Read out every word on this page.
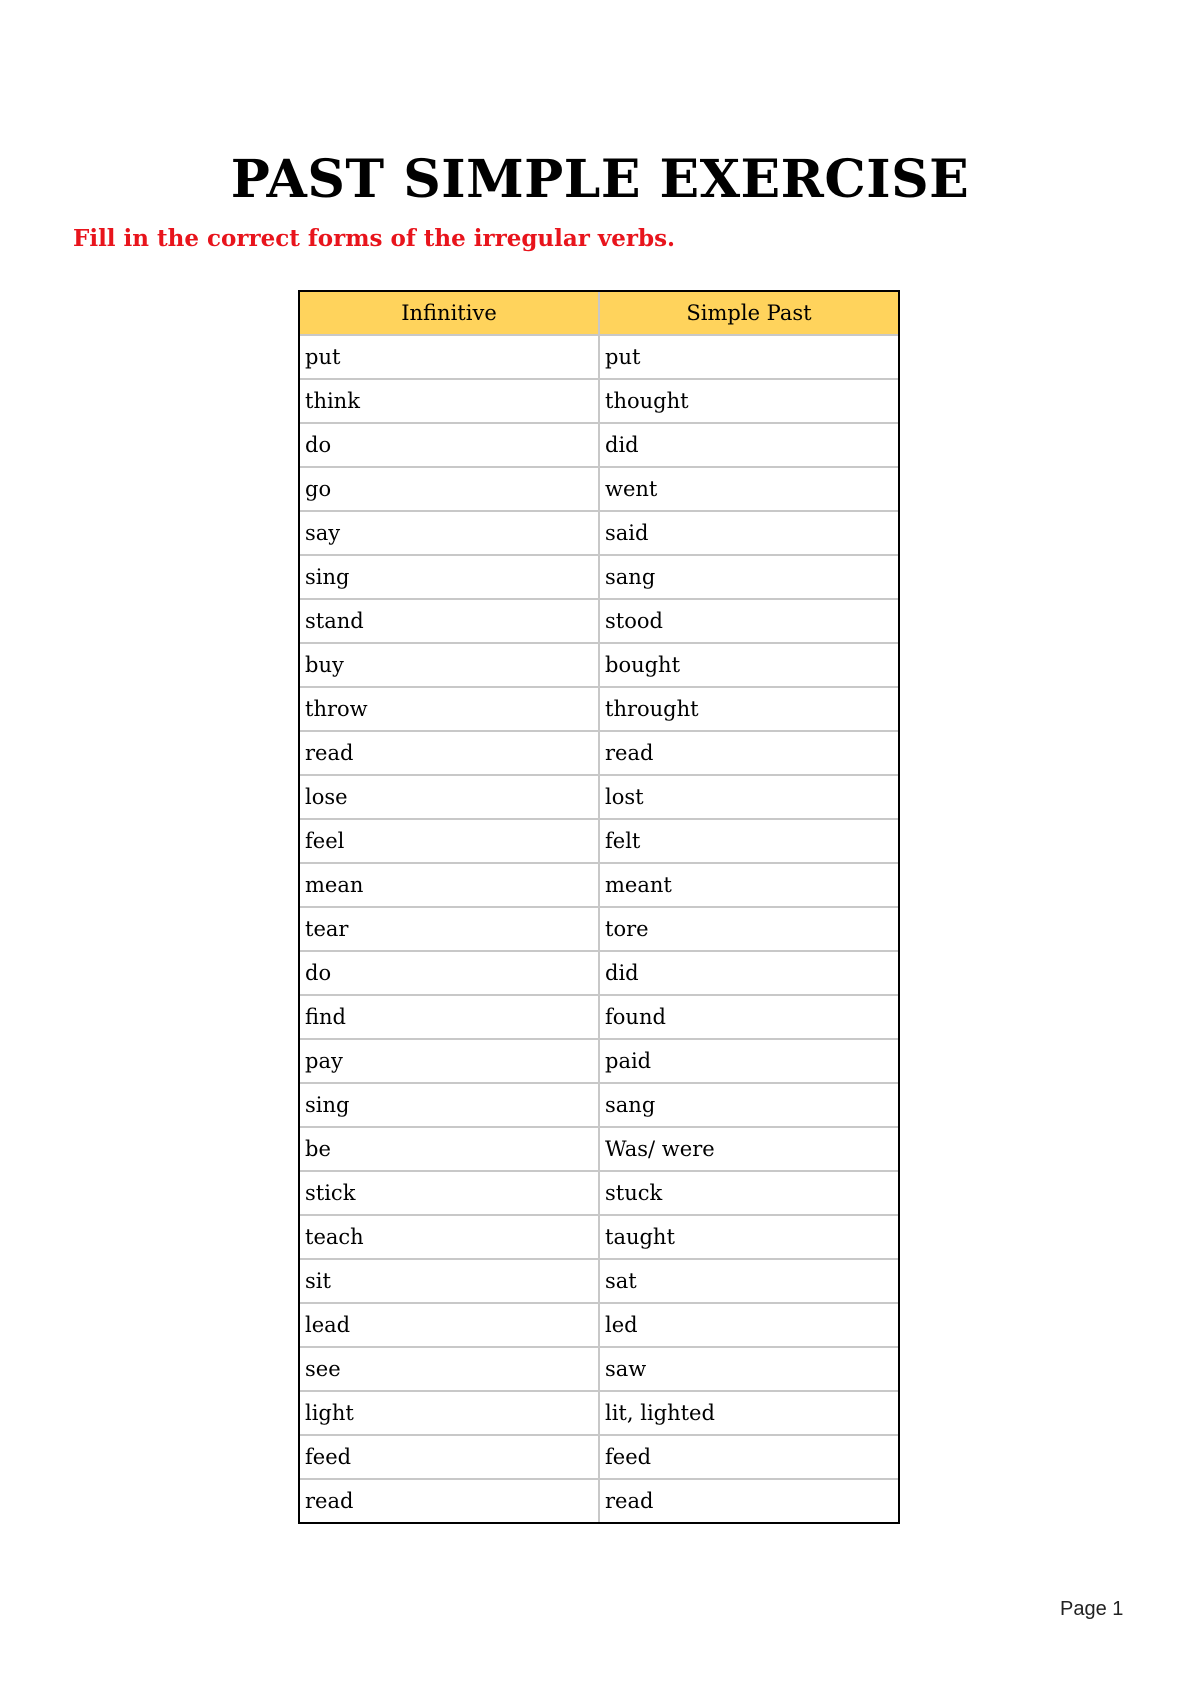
PAST SIMPLE EXERCISE
Fill in the correct forms of the irregular verbs.
Infinitive	Simple Past
put	put
think	thought
do	did
go	went
say	said
sing	sang
stand	stood
buy	bought
throw	throught
read	read
lose	lost
feel	felt
mean	meant
tear	tore
do	did
find	found
pay	paid
sing	sang
be	Was/ were
stick	stuck
teach	taught
sit	sat
lead	led
see	saw
light	lit, lighted
feed	feed
read	read
Page 1
